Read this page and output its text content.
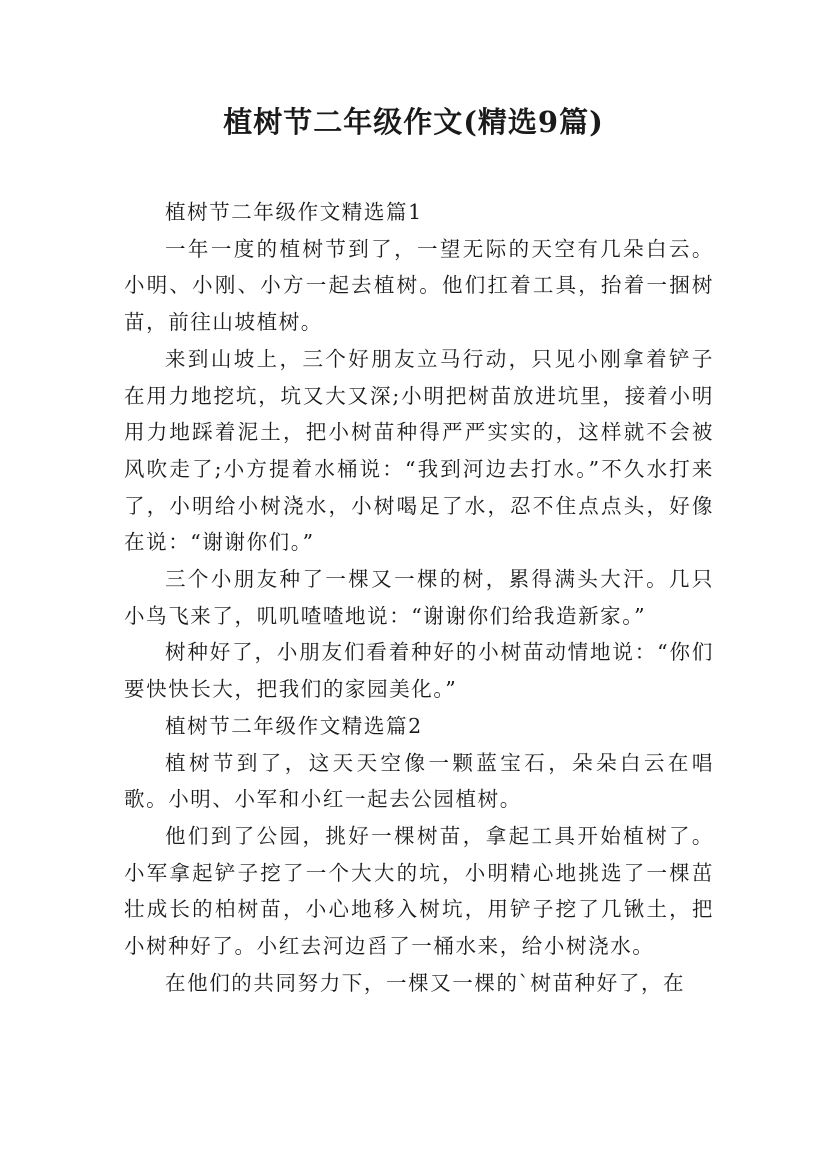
植树节二年级作文(精选9篇)

植树节二年级作文精选篇1

一年一度的植树节到了，一望无际的天空有几朵白云。小明、小刚、小方一起去植树。他们扛着工具，抬着一捆树苗，前往山坡植树。

来到山坡上，三个好朋友立马行动，只见小刚拿着铲子在用力地挖坑，坑又大又深;小明把树苗放进坑里，接着小明用力地踩着泥土，把小树苗种得严严实实的，这样就不会被风吹走了;小方提着水桶说：“我到河边去打水。”不久水打来了，小明给小树浇水，小树喝足了水，忍不住点点头，好像在说：“谢谢你们。”

三个小朋友种了一棵又一棵的树，累得满头大汗。几只小鸟飞来了，叽叽喳喳地说：“谢谢你们给我造新家。”

树种好了，小朋友们看着种好的小树苗动情地说：“你们要快快长大，把我们的家园美化。”

植树节二年级作文精选篇2

植树节到了，这天天空像一颗蓝宝石，朵朵白云在唱歌。小明、小军和小红一起去公园植树。

他们到了公园，挑好一棵树苗，拿起工具开始植树了。小军拿起铲子挖了一个大大的坑，小明精心地挑选了一棵茁壮成长的柏树苗，小心地移入树坑，用铲子挖了几锹土，把小树种好了。小红去河边舀了一桶水来，给小树浇水。

在他们的共同努力下，一棵又一棵的`树苗种好了，在
